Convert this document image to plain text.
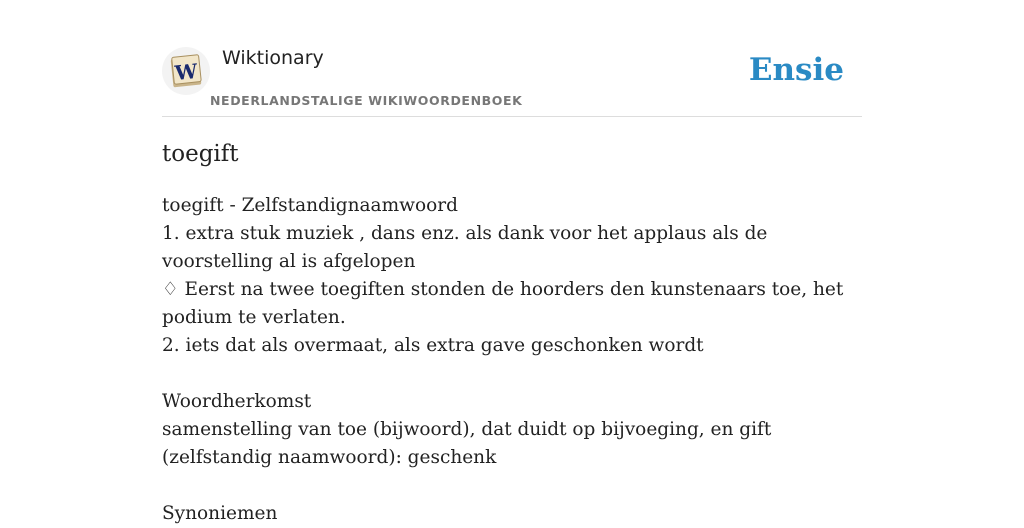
W
Wiktionary
NEDERLANDSTALIGE WIKIWOORDENBOEK
Ensie
toegift
toegift - Zelfstandignaamwoord
1. extra stuk muziek , dans enz. als dank voor het applaus als de voorstelling al is afgelopen
♢ Eerst na twee toegiften stonden de hoorders den kunstenaars toe, het podium te verlaten.
2. iets dat als overmaat, als extra gave geschonken wordt
Woordherkomst
samenstelling van toe (bijwoord), dat duidt op bijvoeging, en gift (zelfstandig naamwoord): geschenk
Synoniemen
